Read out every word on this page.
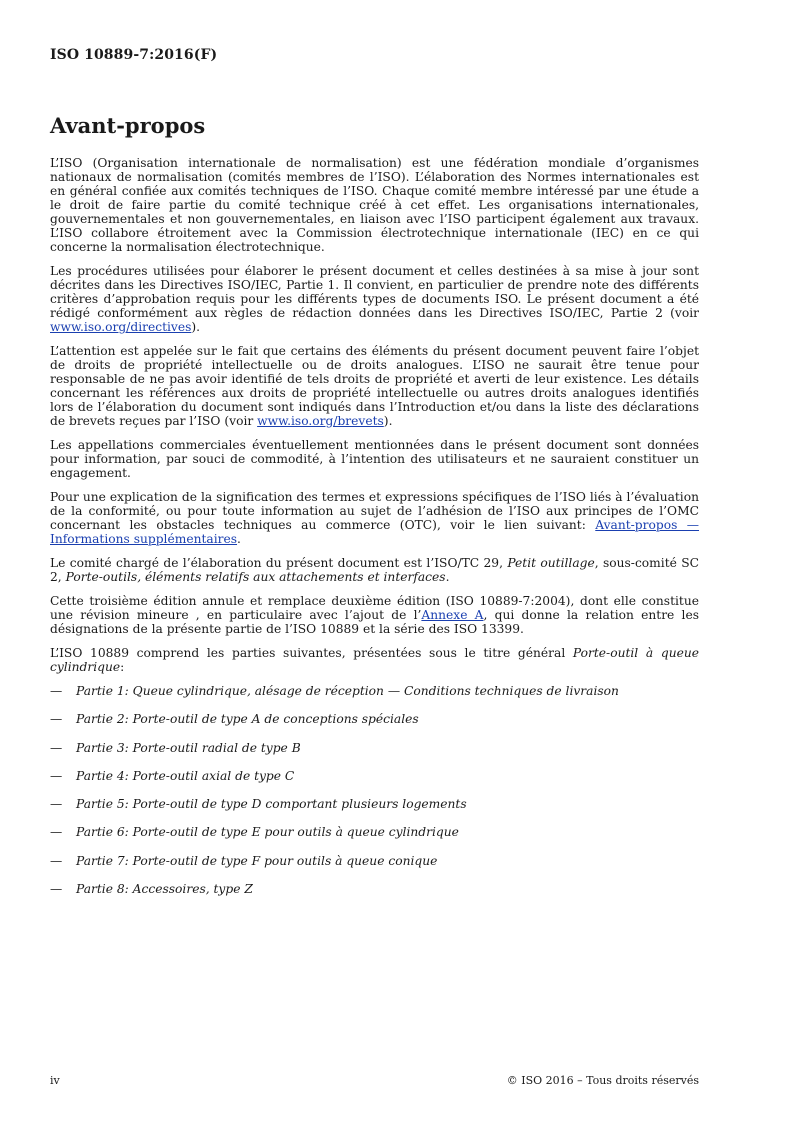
ISO 10889-7:2016(F)
Avant-propos

L’ISO (Organisation internationale de normalisation) est une fédération mondiale d’organismes nationaux de normalisation (comités membres de l’ISO). L’élaboration des Normes internationales est en général confiée aux comités techniques de l’ISO. Chaque comité membre intéressé par une étude a le droit de faire partie du comité technique créé à cet effet. Les organisations internationales, gouvernementales et non gouvernementales, en liaison avec l’ISO participent également aux travaux. L’ISO collabore étroitement avec la Commission électrotechnique internationale (IEC) en ce qui concerne la normalisation électrotechnique.

Les procédures utilisées pour élaborer le présent document et celles destinées à sa mise à jour sont décrites dans les Directives ISO/IEC, Partie 1. Il convient, en particulier de prendre note des différents critères d’approbation requis pour les différents types de documents ISO. Le présent document a été rédigé conformément aux règles de rédaction données dans les Directives ISO/IEC, Partie 2 (voir www.iso.org/directives).

L’attention est appelée sur le fait que certains des éléments du présent document peuvent faire l’objet de droits de propriété intellectuelle ou de droits analogues. L’ISO ne saurait être tenue pour responsable de ne pas avoir identifié de tels droits de propriété et averti de leur existence. Les détails concernant les références aux droits de propriété intellectuelle ou autres droits analogues identifiés lors de l’élaboration du document sont indiqués dans l’Introduction et/ou dans la liste des déclarations de brevets reçues par l’ISO (voir www.iso.org/brevets).

Les appellations commerciales éventuellement mentionnées dans le présent document sont données pour information, par souci de commodité, à l’intention des utilisateurs et ne sauraient constituer un engagement.

Pour une explication de la signification des termes et expressions spécifiques de l’ISO liés à l’évaluation de la conformité, ou pour toute information au sujet de l’adhésion de l’ISO aux principes de l’OMC concernant les obstacles techniques au commerce (OTC), voir le lien suivant: Avant-propos — Informations supplémentaires.

Le comité chargé de l’élaboration du présent document est l’ISO/TC 29, Petit outillage, sous-comité SC 2, Porte-outils, éléments relatifs aux attachements et interfaces.

Cette troisième édition annule et remplace deuxième édition (ISO 10889-7:2004), dont elle constitue une révision mineure , en particulaire avec l’ajout de l’Annexe A, qui donne la relation entre les désignations de la présente partie de l’ISO 10889 et la série des ISO 13399.

L’ISO 10889 comprend les parties suivantes, présentées sous le titre général Porte-outil à queue cylindrique:

— Partie 1: Queue cylindrique, alésage de réception — Conditions techniques de livraison
— Partie 2: Porte-outil de type A de conceptions spéciales
— Partie 3: Porte-outil radial de type B
— Partie 4: Porte-outil axial de type C
— Partie 5: Porte-outil de type D comportant plusieurs logements
— Partie 6: Porte-outil de type E pour outils à queue cylindrique
— Partie 7: Porte-outil de type F pour outils à queue conique
— Partie 8: Accessoires, type Z
iv	© ISO 2016 – Tous droits réservés
